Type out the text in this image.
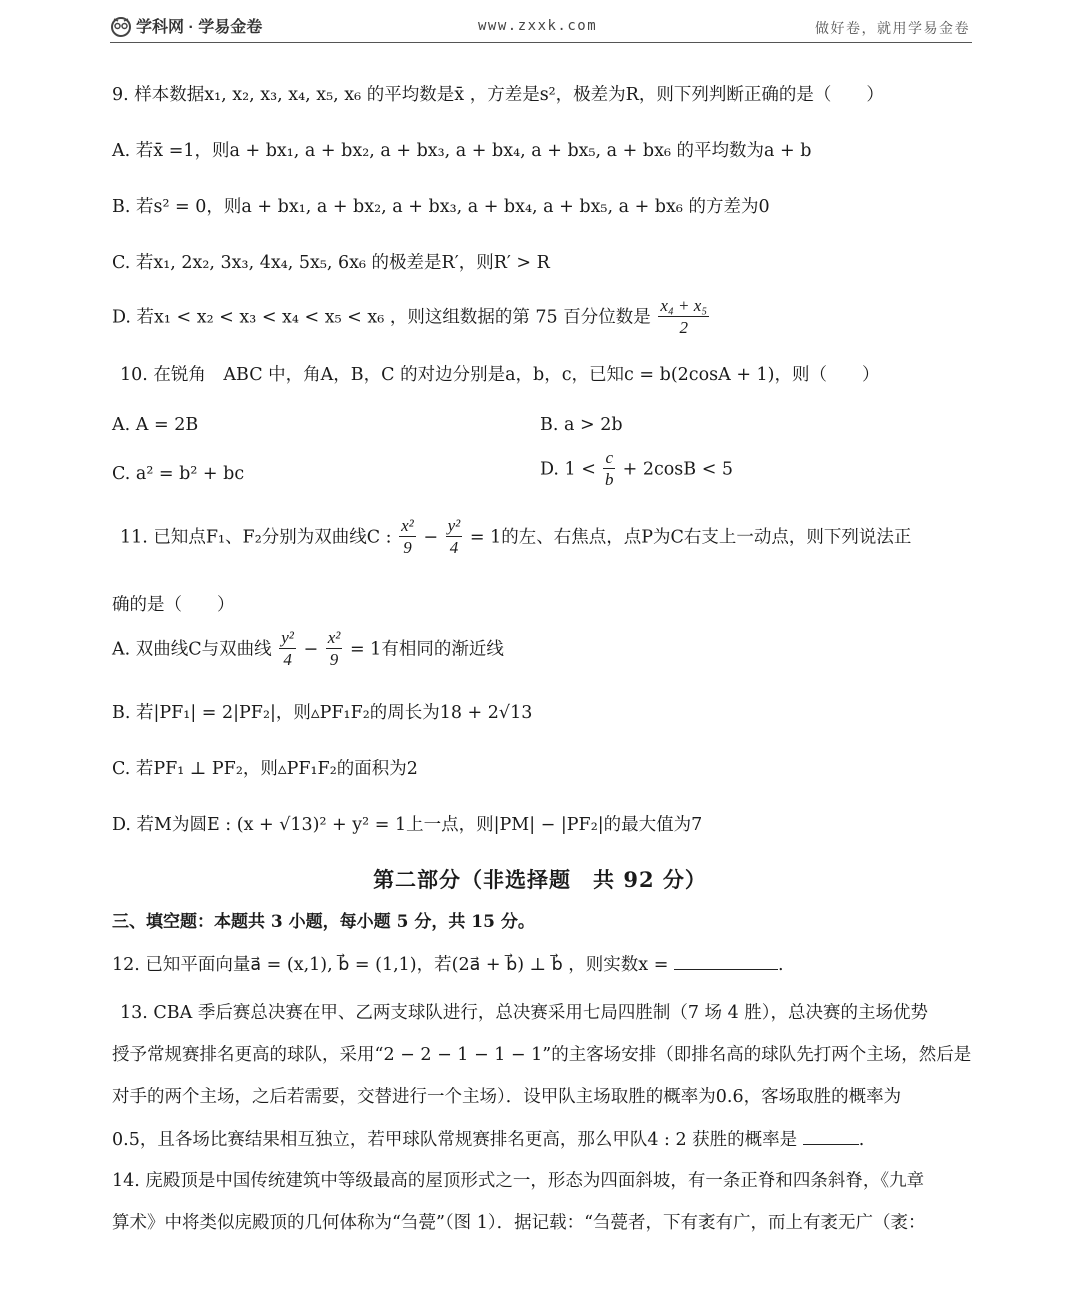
学科网 · 学易金卷	www.zxxk.com	做好卷，就用学易金卷
9. 样本数据x₁, x₂, x₃, x₄, x₅, x₆ 的平均数是x̄ ，方差是s²，极差为R，则下列判断正确的是（　　）
A. 若x̄ =1，则a + bx₁, a + bx₂, a + bx₃, a + bx₄, a + bx₅, a + bx₆ 的平均数为a + b
B. 若s² = 0，则a + bx₁, a + bx₂, a + bx₃, a + bx₄, a + bx₅, a + bx₆ 的方差为0
C. 若x₁, 2x₂, 3x₃, 4x₄, 5x₅, 6x₆ 的极差是R′，则R′ > R
D. 若x₁ < x₂ < x₃ < x₄ < x₅ < x₆ ，则这组数据的第 75 百分位数是 $\frac{\text{x₄ + x₅}}{2}$
10. 在锐角　ABC 中，角A，B，C 的对边分别是a，b，c，已知c = b(2cosA + 1)，则（　　）
A. A = 2B	B. a > 2b
C. a² = b² + bc	D. $1 < \frac{c}{b} + 2\cos B < 5$
11. 已知点F₁、F₂分别为双曲线C : $\frac{\text{x²}}{9} - \frac{\text{y²}}{4} = 1$的左、右焦点，点P为C右支上一动点，则下列说法正
确的是（　　）
A. 双曲线C与双曲线 $\frac{\text{y²}}{4} - \frac{\text{x²}}{9} = 1$有相同的渐近线
B. 若|PF₁| = 2|PF₂|，则▵PF₁F₂的周长为18 + 2√13
C. 若PF₁ ⊥ PF₂，则▵PF₁F₂的面积为2
D. 若M为圆E : (x + √13)² + y² = 1上一点，则|PM| − |PF₂|的最大值为7
第二部分（非选择题　共 92 分）
三、填空题：本题共 3 小题，每小题 5 分，共 15 分。
12. 已知平面向量a⃗ = (x,1), b⃗ = (1,1)，若(2a⃗ + b⃗) ⊥ b⃗ ，则实数x =	.
13. CBA 季后赛总决赛在甲、乙两支球队进行，总决赛采用七局四胜制（7 场 4 胜），总决赛的主场优势
授予常规赛排名更高的球队，采用“2 − 2 − 1 − 1 − 1”的主客场安排（即排名高的球队先打两个主场，然后是
对手的两个主场，之后若需要，交替进行一个主场）．设甲队主场取胜的概率为0.6，客场取胜的概率为
0.5，且各场比赛结果相互独立，若甲球队常规赛排名更高，那么甲队4 : 2 获胜的概率是	.
14. 庑殿顶是中国传统建筑中等级最高的屋顶形式之一，形态为四面斜坡，有一条正脊和四条斜脊，《九章
算术》中将类似庑殿顶的几何体称为“刍甍”（图 1）．据记载：“刍甍者，下有袤有广，而上有袤无广（袤：
